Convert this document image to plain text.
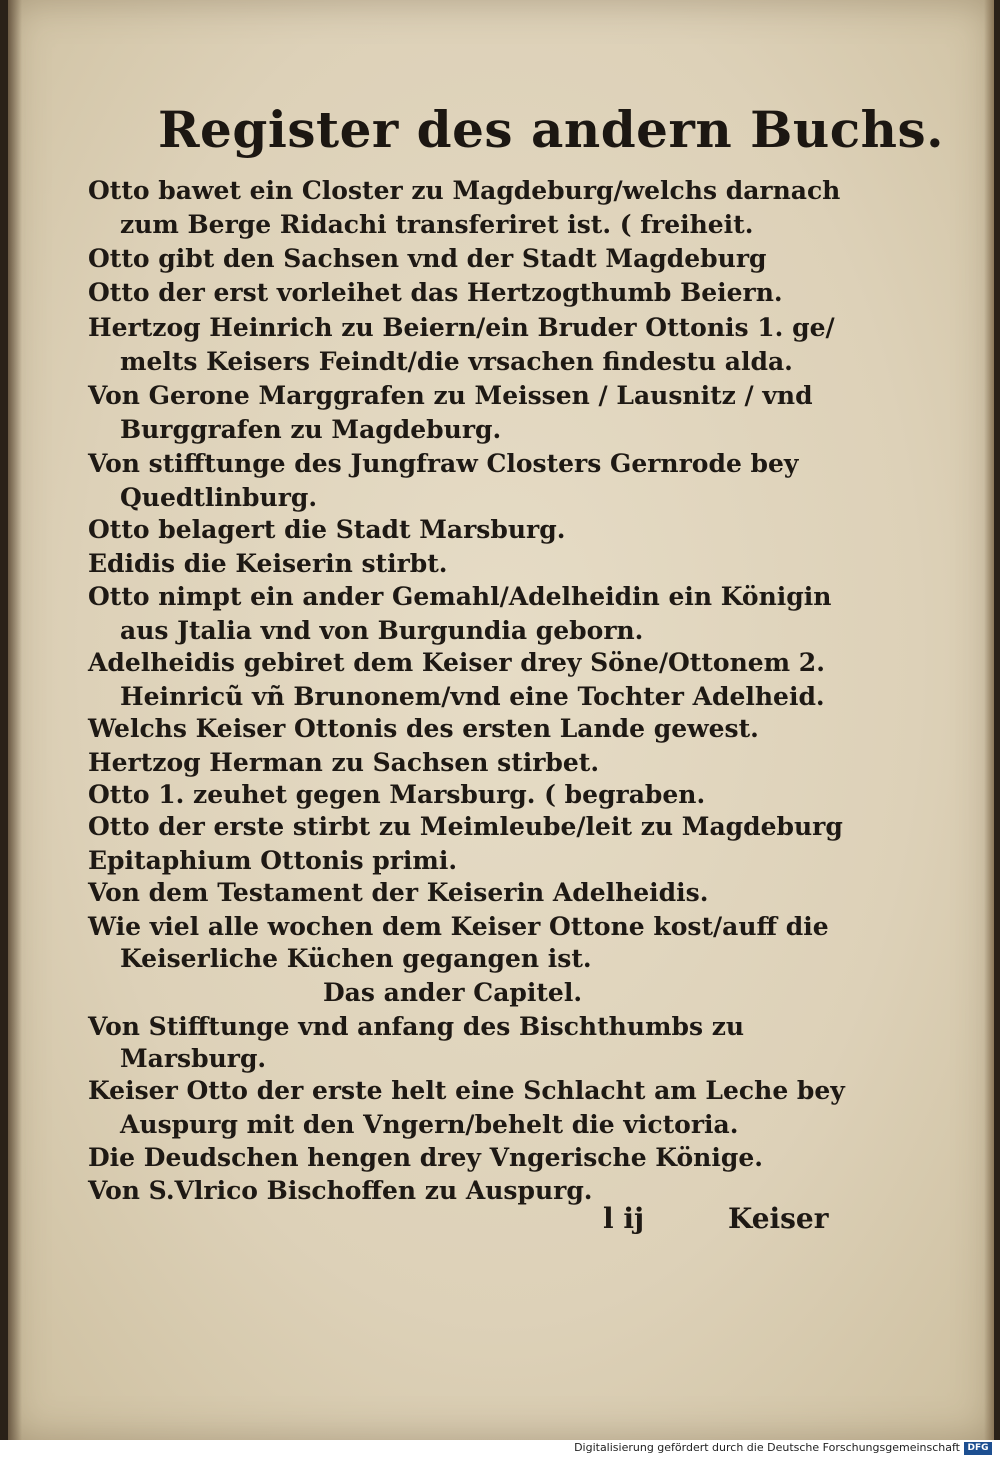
Register des andern Buchs.
Otto bawet ein Closter zu Magdeburg/welchs darnach
zum Berge Ridachi transferiret ist. ( freiheit.
Otto gibt den Sachsen vnd der Stadt Magdeburg
Otto der erst vorleihet das Hertzogthumb Beiern.
Hertzog Heinrich zu Beiern/ein Bruder Ottonis 1. ge/
melts Keisers Feindt/die vrsachen findestu alda.
Von Gerone Marggrafen zu Meissen / Lausnitz / vnd
Burggrafen zu Magdeburg.
Von stifftunge des Jungfraw Closters Gernrode bey
Quedtlinburg.
Otto belagert die Stadt Marsburg.
Edidis die Keiserin stirbt.
Otto nimpt ein ander Gemahl/Adelheidin ein Königin
aus Jtalia vnd von Burgundia geborn.
Adelheidis gebiret dem Keiser drey Söne/Ottonem 2.
Heinricũ vñ Brunonem/vnd eine Tochter Adelheid.
Welchs Keiser Ottonis des ersten Lande gewest.
Hertzog Herman zu Sachsen stirbet.
Otto 1. zeuhet gegen Marsburg. ( begraben.
Otto der erste stirbt zu Meimleube/leit zu Magdeburg
Epitaphium Ottonis primi.
Von dem Testament der Keiserin Adelheidis.
Wie viel alle wochen dem Keiser Ottone kost/auff die
Keiserliche Küchen gegangen ist.
Das ander Capitel.
Von Stifftunge vnd anfang des Bischthumbs zu
Marsburg.
Keiser Otto der erste helt eine Schlacht am Leche bey
Auspurg mit den Vngern/behelt die victoria.
Die Deudschen hengen drey Vngerische Könige.
Von S.Vlrico Bischoffen zu Auspurg.
l ij	Keiser
Digitalisierung gefördert durch die Deutsche Forschungsgemeinschaft DFG
